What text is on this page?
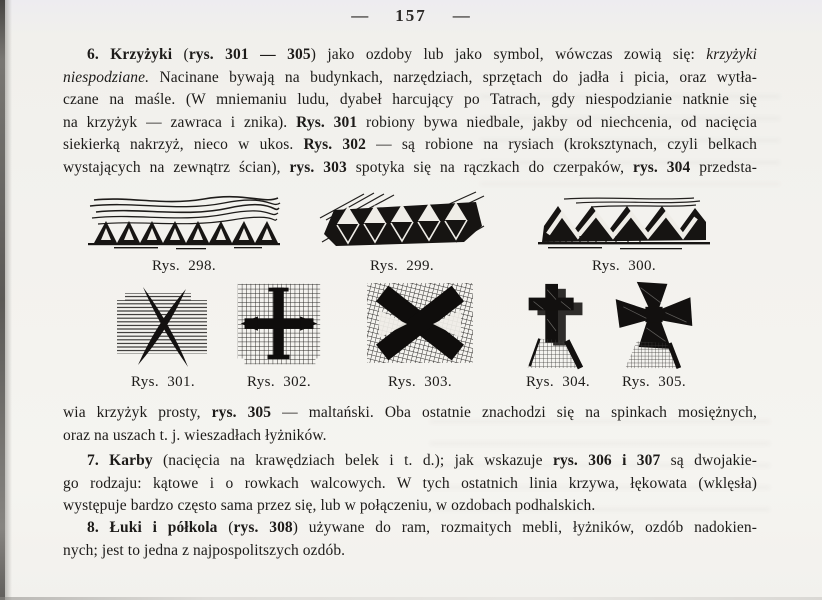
— 157 —
6. Krzyżyki (rys. 301 — 305) jako ozdoby lub jako symbol, wówczas zowią się: krzyżyki
niespodziane. Nacinane bywają na budynkach, narzędziach, sprzętach do jadła i picia, oraz wytła-
czane na maśle. (W mniemaniu ludu, dyabeł harcujący po Tatrach, gdy niespodzianie natknie się
na krzyżyk — zawraca i znika). Rys. 301 robiony bywa niedbale, jakby od niechcenia, od nacięcia
siekierką nakrzyż, nieco w ukos. Rys. 302 — są robione na rysiach (kroksztynach, czyli belkach
wystających na zewnątrz ścian), rys. 303 spotyka się na rączkach do czerpaków, rys. 304 przedsta-
Rys. 298.	Rys. 299.	Rys. 300.
Rys. 301.	Rys. 302.	Rys. 303.	Rys. 304. Rys. 305.
wia krzyżyk prosty, rys. 305 — maltański. Oba ostatnie znachodzi się na spinkach mosiężnych,
oraz na uszach t. j. wieszadłach łyżników.
7. Karby (nacięcia na krawędziach belek i t. d.); jak wskazuje rys. 306 i 307 są dwojakie-
go rodzaju: kątowe i o rowkach walcowych. W tych ostatnich linia krzywa, łękowata (wklęsła)
występuje bardzo często sama przez się, lub w połączeniu, w ozdobach podhalskich.
8. Łuki i półkola (rys. 308) używane do ram, rozmaitych mebli, łyżników, ozdób nadokien-
nych; jest to jedna z najpospolitszych ozdób.
